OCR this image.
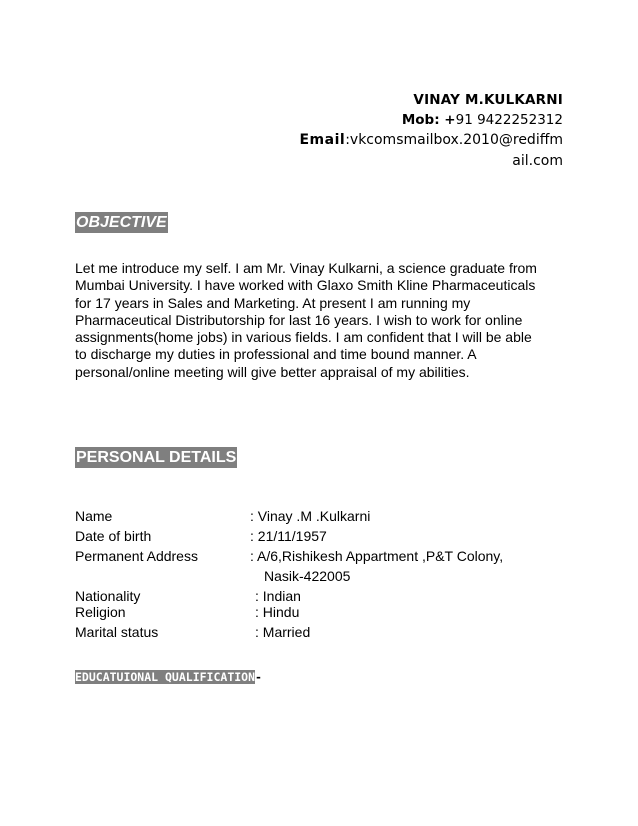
VINAY M.KULKARNI
Mob: +91 9422252312
Email:vkcomsmailbox.2010@rediffm
ail.com
OBJECTIVE
Let me introduce my self. I am Mr. Vinay Kulkarni, a science graduate from
Mumbai University. I have worked with Glaxo Smith Kline Pharmaceuticals
for 17 years in Sales and Marketing. At present I am running my
Pharmaceutical Distributorship for last 16 years. I wish to work for online
assignments(home jobs) in various fields. I am confident that I will be able
to discharge my duties in professional and time bound manner. A
personal/online meeting will give better appraisal of my abilities.
PERSONAL DETAILS
Name	: Vinay .M .Kulkarni
Date of birth	: 21/11/1957
Permanent Address	: A/6,Rishikesh Appartment ,P&T Colony,
Nasik-422005
Nationality	: Indian
Religion	: Hindu
Marital status	: Married
EDUCATUIONAL QUALIFICATION-
